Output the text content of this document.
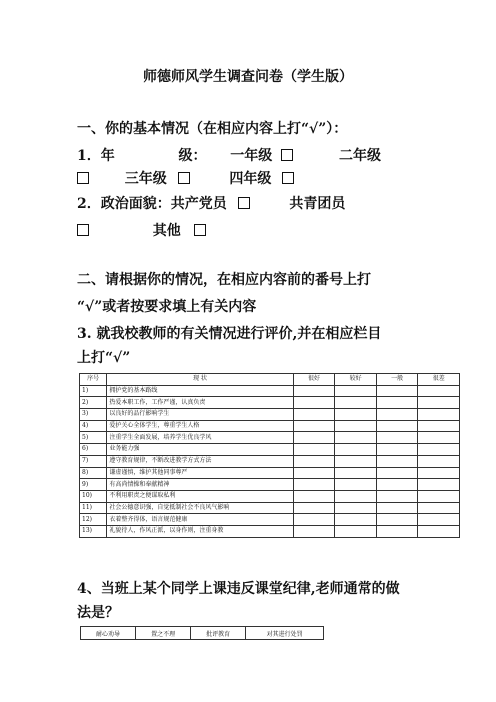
师德师风学生调查问卷（学生版）
一、你的基本情况（在相应内容上打“√”）：
1．年	级： 一年级	二年级
三年级	四年级
2．政治面貌：共产党员	共青团员
其他
二、请根据你的情况，在相应内容前的番号上打
“√”或者按要求填上有关内容
3. 就我校教师的有关情况进行评价,并在相应栏目
上打“√”
序号	现 状	很好	较好	一般	很差
1)	拥护党的基本路线				
2)	热爱本职工作，工作严谨，认真负责				
3)	以良好的品行影响学生				
4)	爱护关心全体学生，尊重学生人格				
5)	注重学生全面发展，培养学生优良学风				
6)	业务能力强				
7)	遵守教育规律，不断改进教学方式方法				
8)	谦虚谨慎，维护其他同事尊严				
9)	有高尚情操和奉献精神				
10)	不利用职责之便谋取私利				
11)	社会公德意识强，自觉抵制社会不良风气影响				
12)	衣着整齐得体，语言规范健康				
13)	礼貌待人，作风正派，以身作则，注重身教				
4、当班上某个同学上课违反课堂纪律,老师通常的做
法是？
耐心劝导	置之不理	批评教育	对其进行处罚
